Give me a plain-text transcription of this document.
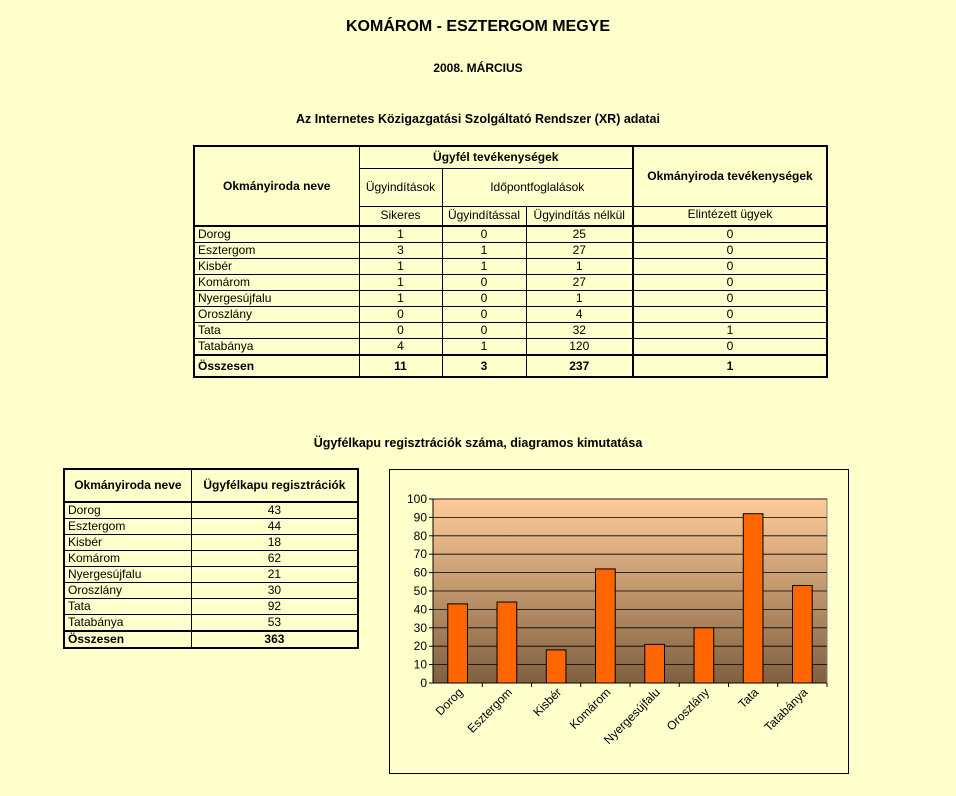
KOMÁROM - ESZTERGOM MEGYE
2008. MÁRCIUS
Az Internetes Közigazgatási Szolgáltató Rendszer (XR) adatai
Okmányiroda neve	Ügyfél tevékenységek			Okmányiroda tevékenységek
	Ügyindítások	Időpontfoglalások		
	Sikeres	Ügyindítással	Ügyindítás nélkül	Elintézett ügyek
Dorog	1	0	25	0
Esztergom	3	1	27	0
Kisbér	1	1	1	0
Komárom	1	0	27	0
Nyergesújfalu	1	0	1	0
Oroszlány	0	0	4	0
Tata	0	0	32	1
Tatabánya	4	1	120	0
Összesen	11	3	237	1
Ügyfélkapu regisztrációk száma, diagramos kimutatása
Okmányiroda neve	Ügyfélkapu regisztrációk
Dorog	43
Esztergom	44
Kisbér	18
Komárom	62
Nyergesújfalu	21
Oroszlány	30
Tata	92
Tatabánya	53
Összesen	363
0
10
20
30
40
50
60
70
80
90
100
Dorog
Esztergom Kisbér Komárom
Nyergesújfalu Oroszlány Tata Tatabánya
